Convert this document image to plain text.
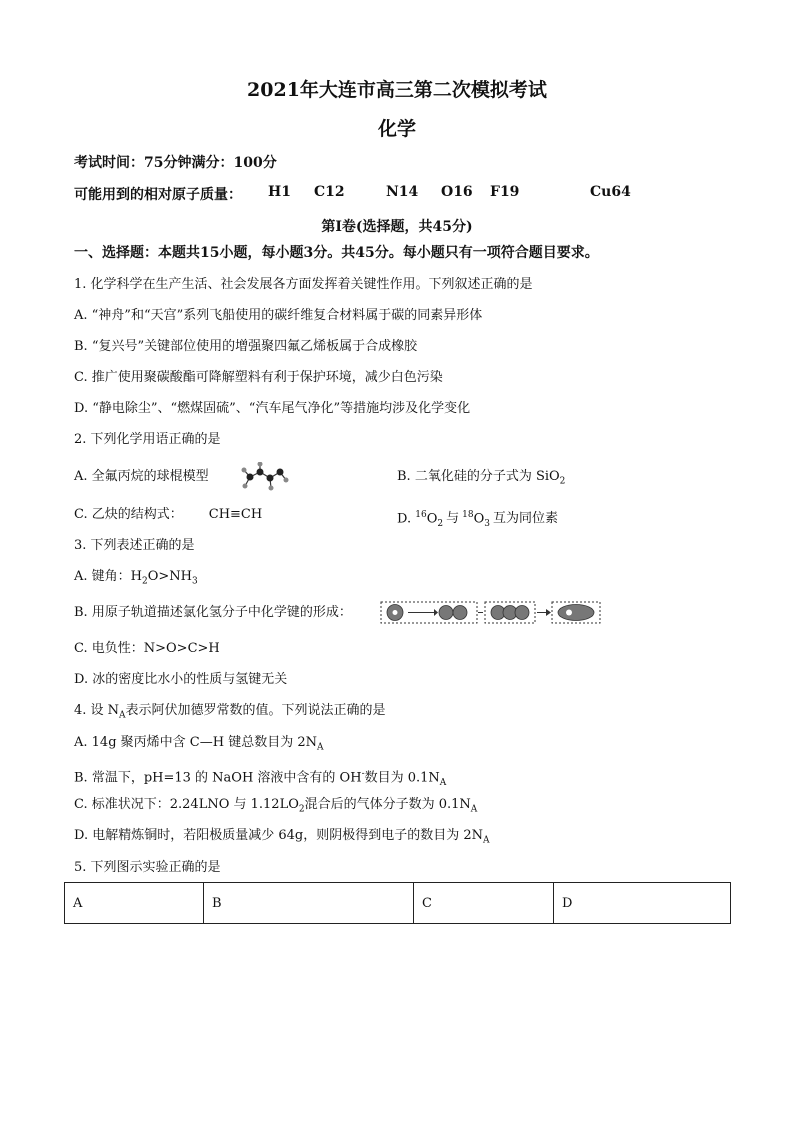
2021年大连市高三第二次模拟考试
化学
考试时间：75分钟满分：100分
可能用到的相对原子质量： H1 C12	N14 O16 F19	Cu64
第Ⅰ卷(选择题，共45分)
一、选择题：本题共15小题，每小题3分。共45分。每小题只有一项符合题目要求。
1. 化学科学在生产生活、社会发展各方面发挥着关键性作用。下列叙述正确的是
A. “神舟”和“天宫”系列飞船使用的碳纤维复合材料属于碳的同素异形体
B. “复兴号”关键部位使用的增强聚四氟乙烯板属于合成橡胶
C. 推广使用聚碳酸酯可降解塑料有利于保护环境，减少白色污染
D. “静电除尘”、“燃煤固硫”、“汽车尾气净化”等措施均涉及化学变化
2. 下列化学用语正确的是
A. 全氟丙烷的球棍模型	B. 二氧化硅的分子式为 SiO$_2$
C. 乙炔的结构式： CH≡CH	D. $^{16}O_2$ 与 $^{18}O_3$ 互为同位素
3. 下列表述正确的是
A. 键角：$H_2O>NH_3$
B. 用原子轨道描述氯化氢分子中化学键的形成：
C. 电负性：N>O>C>H
D. 冰的密度比水小的性质与氢键无关
4. 设 $N_A$表示阿伏加德罗常数的值。下列说法正确的是
A. 14g 聚丙烯中含 C—H 键总数目为 $2N_A$
B. 常温下，pH=13 的 NaOH 溶液中含有的 OH-数目为 $0.1N_A$
C. 标准状况下：2.24LNO 与 $1.12LO_2$混合后的气体分子数为 $0.1N_A$
D. 电解精炼铜时，若阳极质量减少 64g，则阴极得到电子的数目为 $2N_A$
5. 下列图示实验正确的是
A	B	C	D
